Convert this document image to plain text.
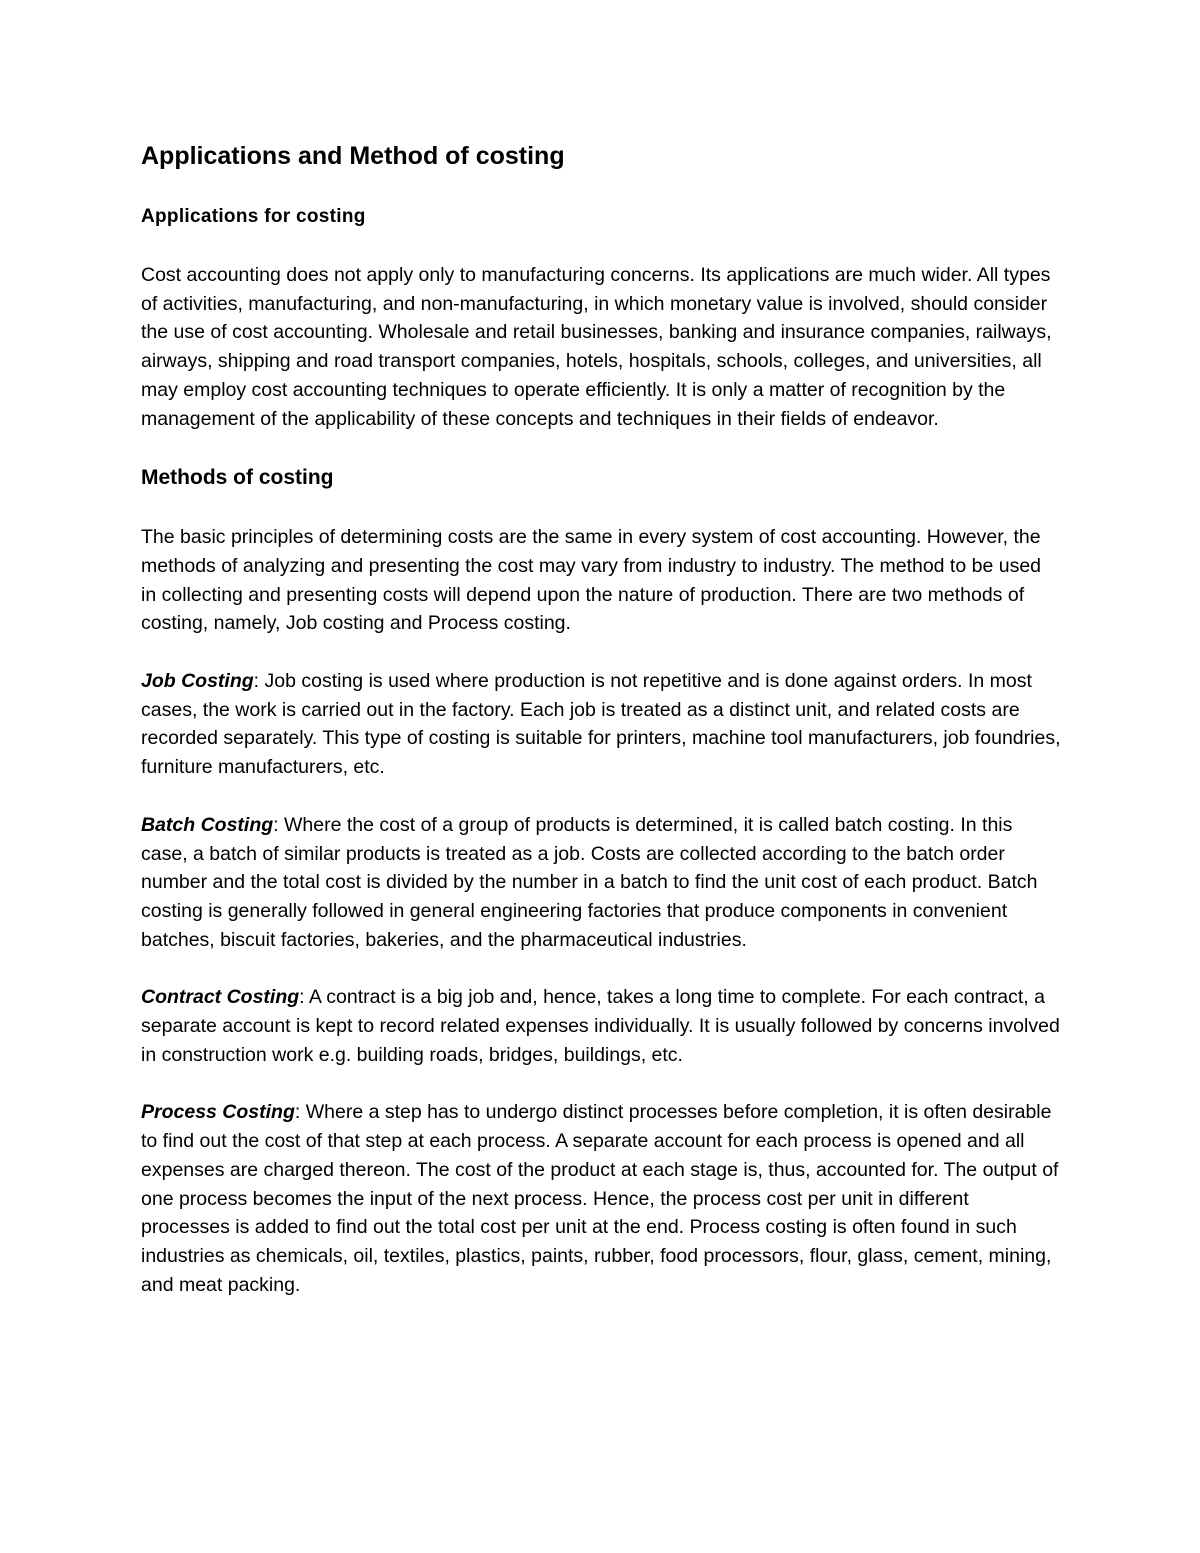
Applications and Method of costing
Applications for costing

Cost accounting does not apply only to manufacturing concerns. Its applications are much wider. All types of activities, manufacturing, and non-manufacturing, in which monetary value is involved, should consider the use of cost accounting. Wholesale and retail businesses, banking and insurance companies, railways, airways, shipping and road transport companies, hotels, hospitals, schools, colleges, and universities, all may employ cost accounting techniques to operate efficiently. It is only a matter of recognition by the management of the applicability of these concepts and techniques in their fields of endeavor.

Methods of costing

The basic principles of determining costs are the same in every system of cost accounting. However, the methods of analyzing and presenting the cost may vary from industry to industry. The method to be used in collecting and presenting costs will depend upon the nature of production. There are two methods of costing, namely, Job costing and Process costing.

Job Costing: Job costing is used where production is not repetitive and is done against orders. In most cases, the work is carried out in the factory. Each job is treated as a distinct unit, and related costs are recorded separately. This type of costing is suitable for printers, machine tool manufacturers, job foundries, furniture manufacturers, etc.

Batch Costing: Where the cost of a group of products is determined, it is called batch costing. In this case, a batch of similar products is treated as a job. Costs are collected according to the batch order number and the total cost is divided by the number in a batch to find the unit cost of each product. Batch costing is generally followed in general engineering factories that produce components in convenient batches, biscuit factories, bakeries, and the pharmaceutical industries.

Contract Costing: A contract is a big job and, hence, takes a long time to complete. For each contract, a separate account is kept to record related expenses individually. It is usually followed by concerns involved in construction work e.g. building roads, bridges, buildings, etc.

Process Costing: Where a step has to undergo distinct processes before completion, it is often desirable to find out the cost of that step at each process. A separate account for each process is opened and all expenses are charged thereon. The cost of the product at each stage is, thus, accounted for. The output of one process becomes the input of the next process. Hence, the process cost per unit in different processes is added to find out the total cost per unit at the end. Process costing is often found in such industries as chemicals, oil, textiles, plastics, paints, rubber, food processors, flour, glass, cement, mining, and meat packing.
